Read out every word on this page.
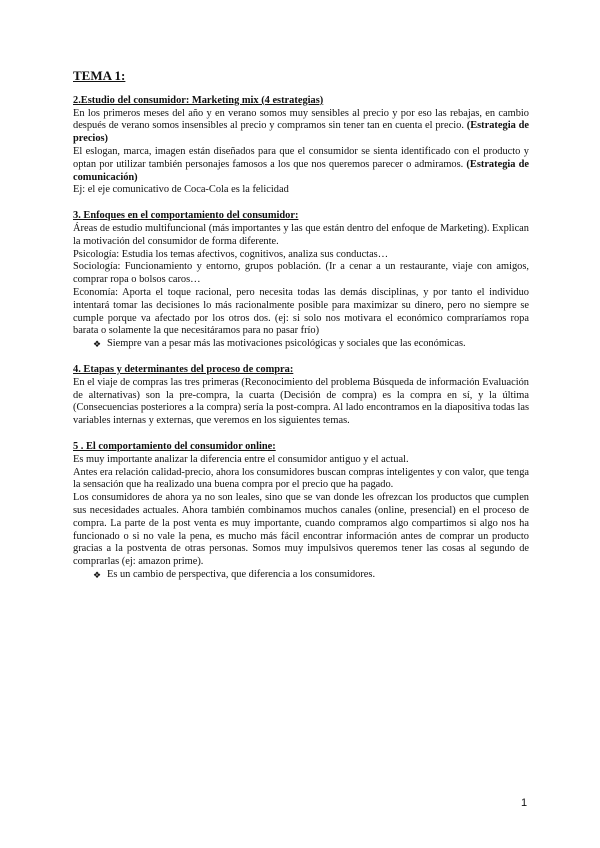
TEMA 1:

2.Estudio del consumidor: Marketing mix (4 estrategias)

En los primeros meses del año y en verano somos muy sensibles al precio y por eso las rebajas, en cambio después de verano somos insensibles al precio y compramos sin tener tan en cuenta el precio. (Estrategia de precios)

El eslogan, marca, imagen están diseñados para que el consumidor se sienta identificado con el producto y optan por utilizar también personajes famosos a los que nos queremos parecer o admiramos. (Estrategia de comunicación)

Ej: el eje comunicativo de Coca-Cola es la felicidad

3. Enfoques en el comportamiento del consumidor:

Áreas de estudio multifuncional (más importantes y las que están dentro del enfoque de Marketing). Explican la motivación del consumidor de forma diferente.

Psicología: Estudia los temas afectivos, cognitivos, analiza sus conductas…

Sociología: Funcionamiento y entorno, grupos población. (Ir a cenar a un restaurante, viaje con amigos, comprar ropa o bolsos caros…

Economía: Aporta el toque racional, pero necesita todas las demás disciplinas, y por tanto el individuo intentará tomar las decisiones lo más racionalmente posible para maximizar su dinero, pero no siempre se cumple porque va afectado por los otros dos. (ej: si solo nos motivara el económico compraríamos ropa barata o solamente la que necesitáramos para no pasar frío)

❖ Siempre van a pesar más las motivaciones psicológicas y sociales que las económicas.

4. Etapas y determinantes del proceso de compra:

En el viaje de compras las tres primeras (Reconocimiento del problema Búsqueda de información Evaluación de alternativas) son la pre-compra, la cuarta (Decisión de compra) es la compra en sí, y la última (Consecuencias posteriores a la compra) sería la post-compra. Al lado encontramos en la diapositiva todas las variables internas y externas, que veremos en los siguientes temas.

5 . El comportamiento del consumidor online:

Es muy importante analizar la diferencia entre el consumidor antiguo y el actual.

Antes era relación calidad-precio, ahora los consumidores buscan compras inteligentes y con valor, que tenga la sensación que ha realizado una buena compra por el precio que ha pagado.

Los consumidores de ahora ya no son leales, sino que se van donde les ofrezcan los productos que cumplen sus necesidades actuales. Ahora también combinamos muchos canales (online, presencial) en el proceso de compra. La parte de la post venta es muy importante, cuando compramos algo compartimos si algo nos ha funcionado o si no vale la pena, es mucho más fácil encontrar información antes de comprar un producto gracias a la postventa de otras personas. Somos muy impulsivos queremos tener las cosas al segundo de comprarlas (ej: amazon prime).

❖ Es un cambio de perspectiva, que diferencia a los consumidores.
1
